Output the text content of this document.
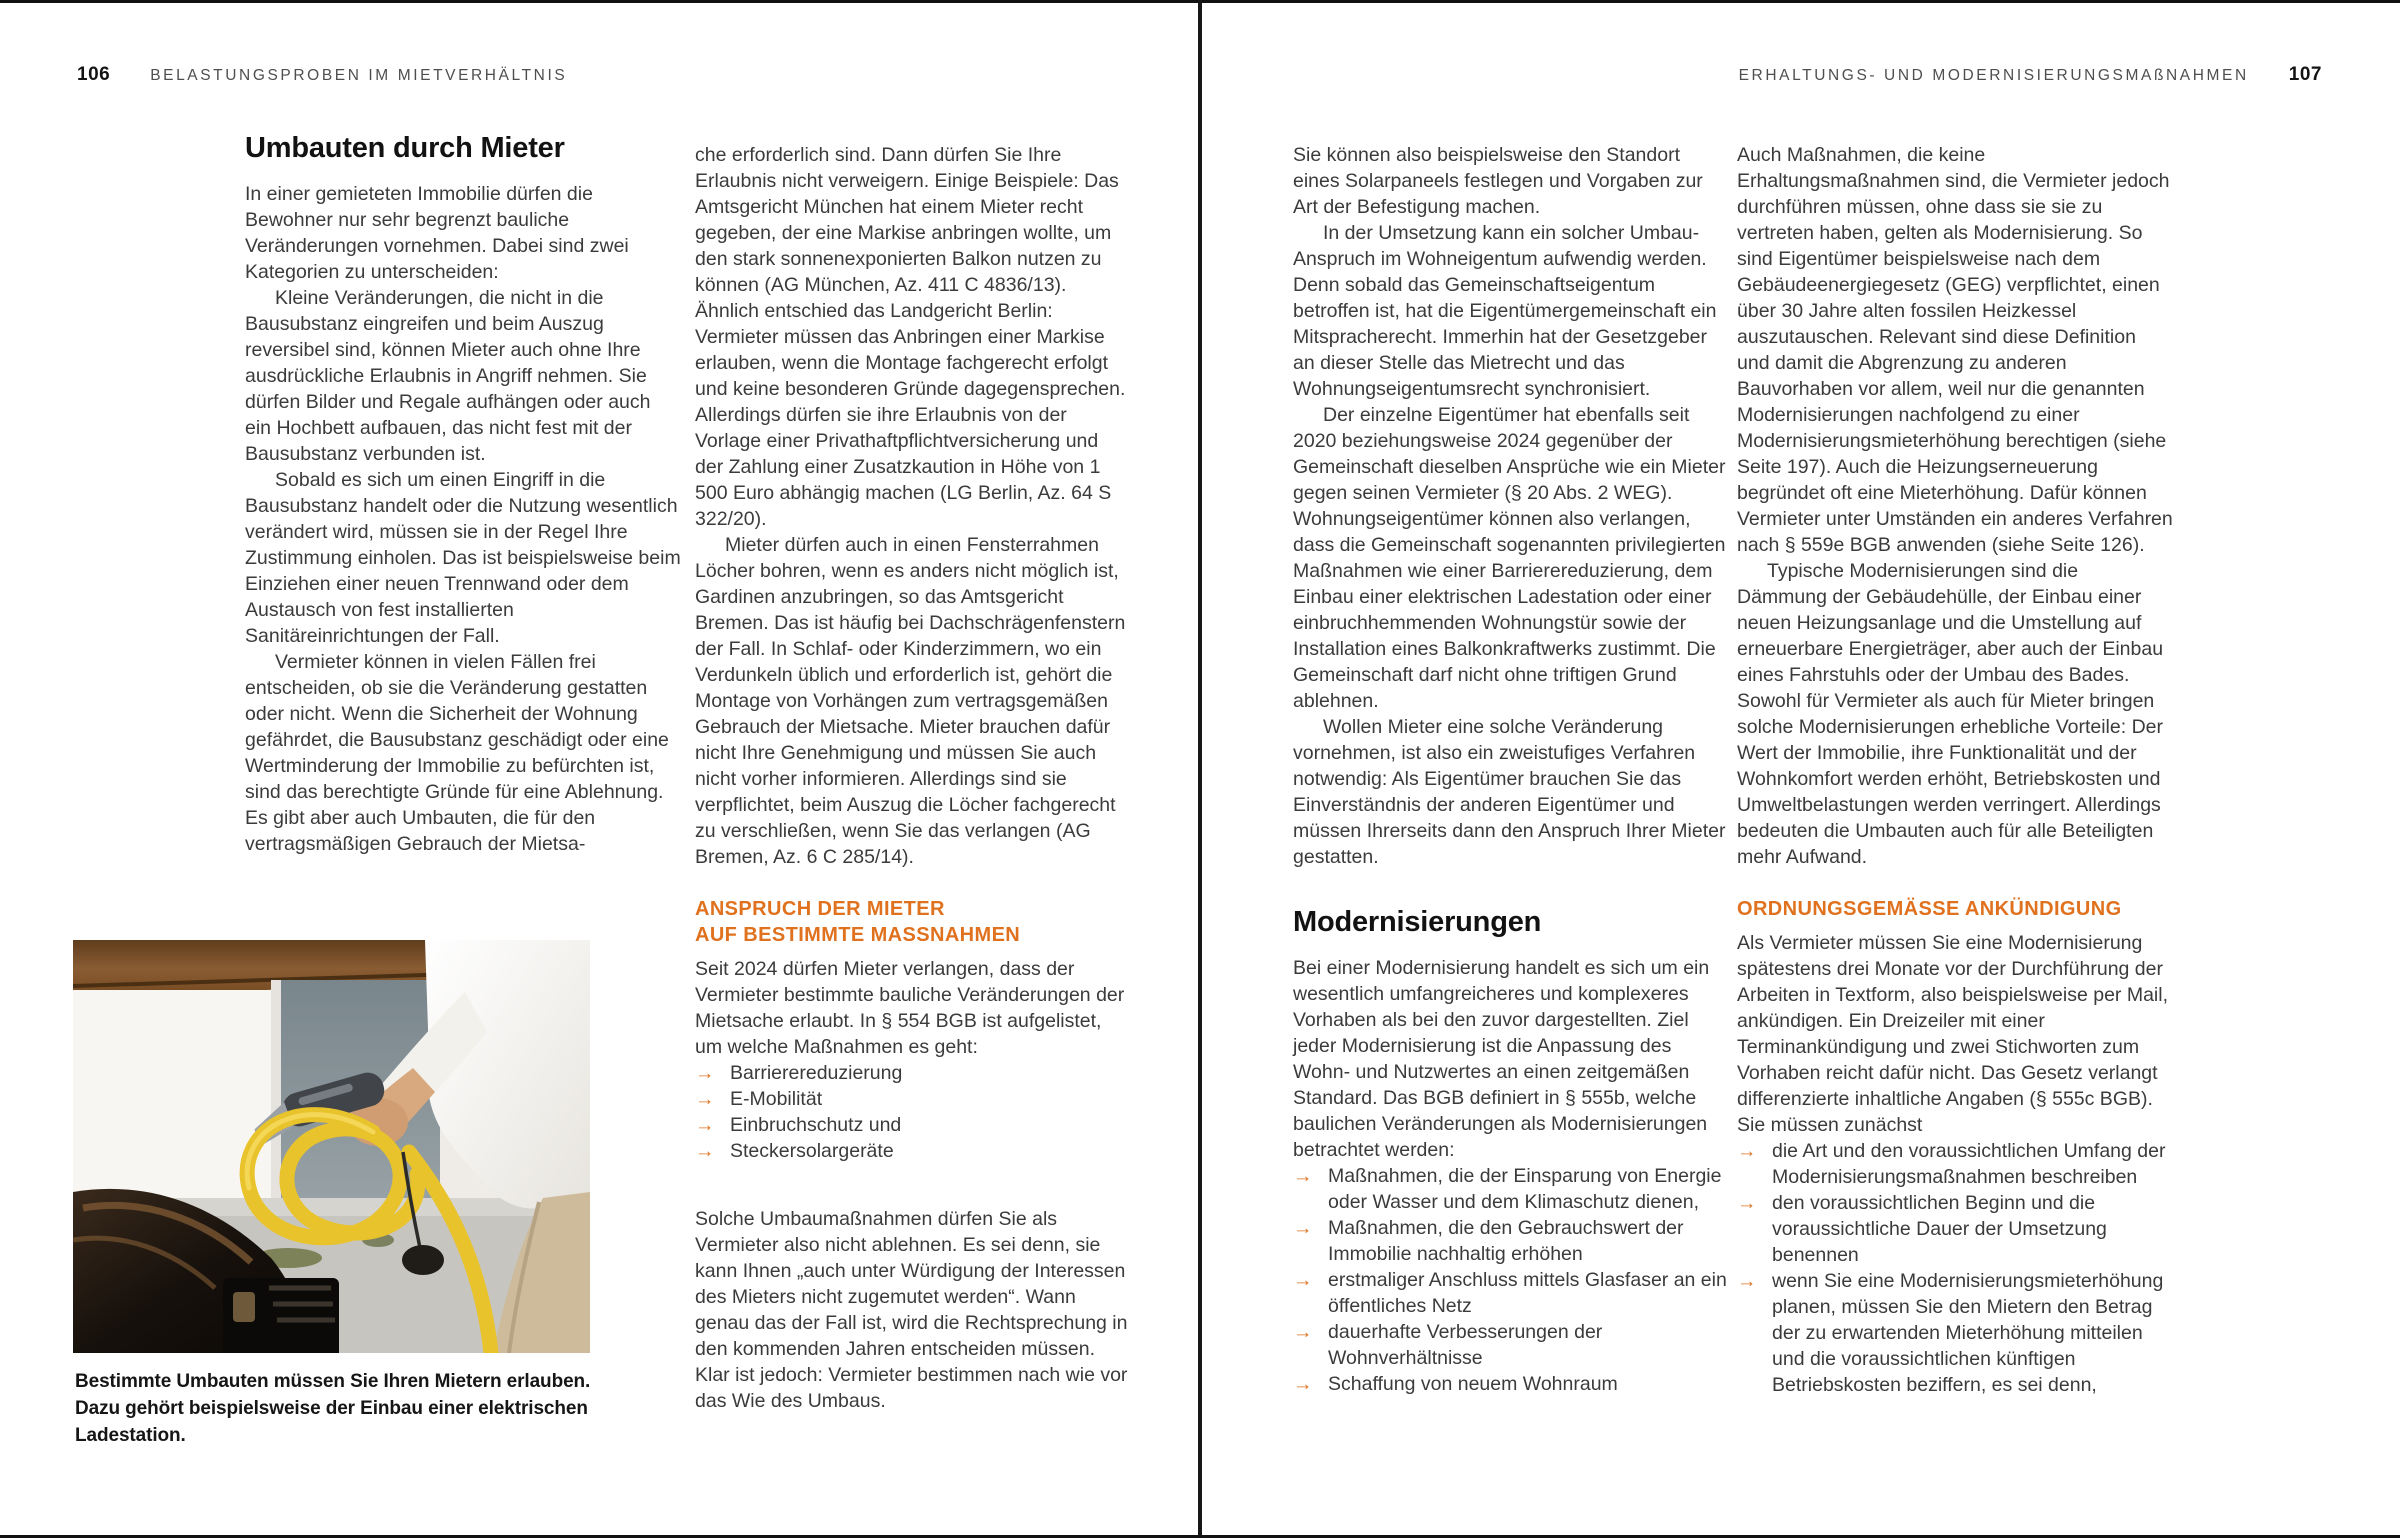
106	BELASTUNGSPROBEN IM MIETVERHÄLTNIS	ERHALTUNGS- UND MODERNISIERUNGSMAßNAHMEN 107
Umbauten durch Mieter

In einer gemieteten Immobilie dürfen die Bewohner nur sehr begrenzt bauliche Veränderungen vornehmen. Dabei sind zwei Kategorien zu unterscheiden:

Kleine Veränderungen, die nicht in die Bausubstanz eingreifen und beim Auszug reversibel sind, können Mieter auch ohne Ihre ausdrückliche Erlaubnis in Angriff nehmen. Sie dürfen Bilder und Regale aufhängen oder auch ein Hochbett aufbauen, das nicht fest mit der Bausubstanz verbunden ist.

Sobald es sich um einen Eingriff in die Bausubstanz handelt oder die Nutzung wesentlich verändert wird, müssen sie in der Regel Ihre Zustimmung einholen. Das ist beispielsweise beim Einziehen einer neuen Trennwand oder dem Austausch von fest installierten Sanitäreinrichtungen der Fall.

Vermieter können in vielen Fällen frei entscheiden, ob sie die Veränderung gestatten oder nicht. Wenn die Sicherheit der Wohnung gefährdet, die Bausubstanz geschädigt oder eine Wertminderung der Immobilie zu befürchten ist, sind das berechtigte Gründe für eine Ablehnung. Es gibt aber auch Umbauten, die für den vertragsmäßigen Gebrauch der Mietsa-

Bestimmte Umbauten müssen Sie Ihren Mietern erlauben. Dazu gehört beispielsweise der Einbau einer elektrischen Ladestation.

che erforderlich sind. Dann dürfen Sie Ihre Erlaubnis nicht verweigern. Einige Beispiele: Das Amtsgericht München hat einem Mieter recht gegeben, der eine Markise anbringen wollte, um den stark sonnenexponierten Balkon nutzen zu können (AG München, Az. 411 C 4836/13). Ähnlich entschied das Landgericht Berlin: Vermieter müssen das Anbringen einer Markise erlauben, wenn die Montage fachgerecht erfolgt und keine besonderen Gründe dagegensprechen. Allerdings dürfen sie ihre Erlaubnis von der Vorlage einer Privathaftpflichtversicherung und der Zahlung einer Zusatzkaution in Höhe von 1 500 Euro abhängig machen (LG Berlin, Az. 64 S 322/20).

Mieter dürfen auch in einen Fensterrahmen Löcher bohren, wenn es anders nicht möglich ist, Gardinen anzubringen, so das Amtsgericht Bremen. Das ist häufig bei Dachschrägenfenstern der Fall. In Schlaf- oder Kinderzimmern, wo ein Verdunkeln üblich und erforderlich ist, gehört die Montage von Vorhängen zum vertragsgemäßen Gebrauch der Mietsache. Mieter brauchen dafür nicht Ihre Genehmigung und müssen Sie auch nicht vorher informieren. Allerdings sind sie verpflichtet, beim Auszug die Löcher fachgerecht zu verschließen, wenn Sie das verlangen (AG Bremen, Az. 6 C 285/14).

ANSPRUCH DER MIETER
AUF BESTIMMTE MASSNAHMEN

Seit 2024 dürfen Mieter verlangen, dass der Vermieter bestimmte bauliche Veränderungen der Mietsache erlaubt. In § 554 BGB ist aufgelistet, um welche Maßnahmen es geht:

→ Barrierereduzierung
→ E-Mobilität
→ Einbruchschutz und
→ Steckersolargeräte

Solche Umbaumaßnahmen dürfen Sie als Vermieter also nicht ablehnen. Es sei denn, sie kann Ihnen „auch unter Würdigung der Interessen des Mieters nicht zugemutet werden“. Wann genau das der Fall ist, wird die Rechtsprechung in den kommenden Jahren entscheiden müssen. Klar ist jedoch: Vermieter bestimmen nach wie vor das Wie des Umbaus.

Sie können also beispielsweise den Standort eines Solarpaneels festlegen und Vorgaben zur Art der Befestigung machen.

In der Umsetzung kann ein solcher Umbau-Anspruch im Wohneigentum aufwendig werden. Denn sobald das Gemeinschaftseigentum betroffen ist, hat die Eigentümergemeinschaft ein Mitspracherecht. Immerhin hat der Gesetzgeber an dieser Stelle das Mietrecht und das Wohnungseigentumsrecht synchronisiert.

Der einzelne Eigentümer hat ebenfalls seit 2020 beziehungsweise 2024 gegenüber der Gemeinschaft dieselben Ansprüche wie ein Mieter gegen seinen Vermieter (§ 20 Abs. 2 WEG). Wohnungseigentümer können also verlangen, dass die Gemeinschaft sogenannten privilegierten Maßnahmen wie einer Barrierereduzierung, dem Einbau einer elektrischen Ladestation oder einer einbruchhemmenden Wohnungstür sowie der Installation eines Balkonkraftwerks zustimmt. Die Gemeinschaft darf nicht ohne triftigen Grund ablehnen.

Wollen Mieter eine solche Veränderung vornehmen, ist also ein zweistufiges Verfahren notwendig: Als Eigentümer brauchen Sie das Einverständnis der anderen Eigentümer und müssen Ihrerseits dann den Anspruch Ihrer Mieter gestatten.

Modernisierungen

Bei einer Modernisierung handelt es sich um ein wesentlich umfangreicheres und komplexeres Vorhaben als bei den zuvor dargestellten. Ziel jeder Modernisierung ist die Anpassung des Wohn- und Nutzwertes an einen zeitgemäßen Standard. Das BGB definiert in § 555b, welche baulichen Veränderungen als Modernisierungen betrachtet werden:

→ Maßnahmen, die der Einsparung von Energie oder Wasser und dem Klimaschutz dienen,
→ Maßnahmen, die den Gebrauchswert der Immobilie nachhaltig erhöhen
→ erstmaliger Anschluss mittels Glasfaser an ein öffentliches Netz
→ dauerhafte Verbesserungen der Wohnverhältnisse
→ Schaffung von neuem Wohnraum

Auch Maßnahmen, die keine Erhaltungsmaßnahmen sind, die Vermieter jedoch durchführen müssen, ohne dass sie sie zu vertreten haben, gelten als Modernisierung. So sind Eigentümer beispielsweise nach dem Gebäudeenergiegesetz (GEG) verpflichtet, einen über 30 Jahre alten fossilen Heizkessel auszutauschen. Relevant sind diese Definition und damit die Abgrenzung zu anderen Bauvorhaben vor allem, weil nur die genannten Modernisierungen nachfolgend zu einer Modernisierungsmieterhöhung berechtigen (siehe Seite 197). Auch die Heizungserneuerung begründet oft eine Mieterhöhung. Dafür können Vermieter unter Umständen ein anderes Verfahren nach § 559e BGB anwenden (siehe Seite 126).

Typische Modernisierungen sind die Dämmung der Gebäudehülle, der Einbau einer neuen Heizungsanlage und die Umstellung auf erneuerbare Energieträger, aber auch der Einbau eines Fahrstuhls oder der Umbau des Bades. Sowohl für Vermieter als auch für Mieter bringen solche Modernisierungen erhebliche Vorteile: Der Wert der Immobilie, ihre Funktionalität und der Wohnkomfort werden erhöht, Betriebskosten und Umweltbelastungen werden verringert. Allerdings bedeuten die Umbauten auch für alle Beteiligten mehr Aufwand.

ORDNUNGSGEMÄSSE ANKÜNDIGUNG

Als Vermieter müssen Sie eine Modernisierung spätestens drei Monate vor der Durchführung der Arbeiten in Textform, also beispielsweise per Mail, ankündigen. Ein Dreizeiler mit einer Terminankündigung und zwei Stichworten zum Vorhaben reicht dafür nicht. Das Gesetz verlangt differenzierte inhaltliche Angaben (§ 555c BGB). Sie müssen zunächst

→ die Art und den voraussichtlichen Umfang der Modernisierungsmaßnahmen beschreiben
→ den voraussichtlichen Beginn und die voraussichtliche Dauer der Umsetzung benennen
→ wenn Sie eine Modernisierungsmieterhöhung planen, müssen Sie den Mietern den Betrag der zu erwartenden Mieterhöhung mitteilen und die voraussichtlichen künftigen Betriebskosten beziffern, es sei denn,
